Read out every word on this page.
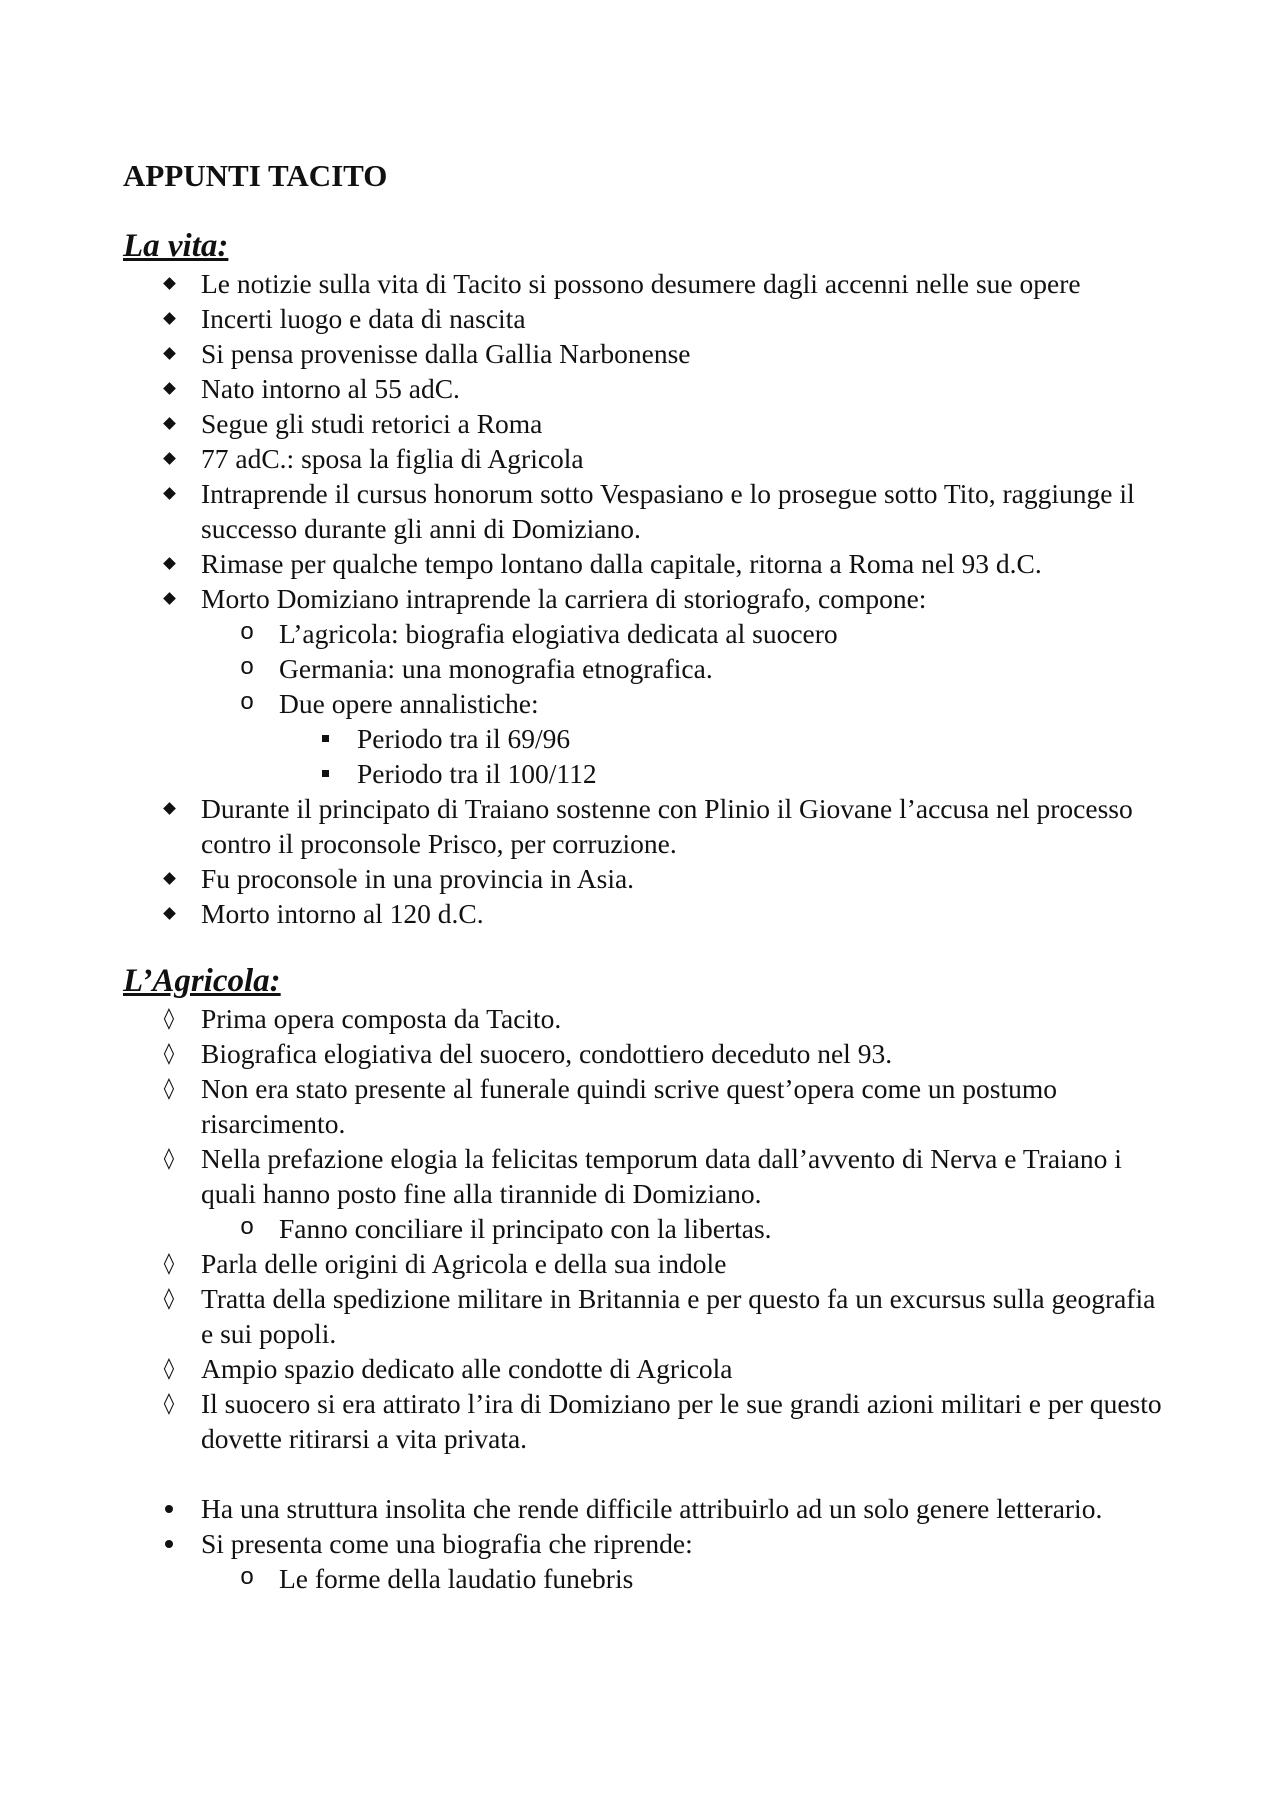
APPUNTI TACITO
La vita:
Le notizie sulla vita di Tacito si possono desumere dagli accenni nelle sue opere
Incerti luogo e data di nascita
Si pensa provenisse dalla Gallia Narbonense
Nato intorno al 55 adC.
Segue gli studi retorici a Roma
77 adC.: sposa la figlia di Agricola
Intraprende il cursus honorum sotto Vespasiano e lo prosegue sotto Tito, raggiunge il successo durante gli anni di Domiziano.
Rimase per qualche tempo lontano dalla capitale, ritorna a Roma nel 93 d.C.
Morto Domiziano intraprende la carriera di storiografo, compone:
o L’agricola: biografia elogiativa dedicata al suocero
o Germania: una monografia etnografica.
o Due opere annalistiche:
Periodo tra il 69/96
Periodo tra il 100/112
Durante il principato di Traiano sostenne con Plinio il Giovane l’accusa nel processo contro il proconsole Prisco, per corruzione.
Fu proconsole in una provincia in Asia.
Morto intorno al 120 d.C.
L’Agricola:
◊ Prima opera composta da Tacito.
◊ Biografica elogiativa del suocero, condottiero deceduto nel 93.
◊ Non era stato presente al funerale quindi scrive quest’opera come un postumo risarcimento.
◊ Nella prefazione elogia la felicitas temporum data dall’avvento di Nerva e Traiano i quali hanno posto fine alla tirannide di Domiziano.
o Fanno conciliare il principato con la libertas.
◊ Parla delle origini di Agricola e della sua indole
◊ Tratta della spedizione militare in Britannia e per questo fa un excursus sulla geografia e sui popoli.
◊ Ampio spazio dedicato alle condotte di Agricola
◊ Il suocero si era attirato l’ira di Domiziano per le sue grandi azioni militari e per questo dovette ritirarsi a vita privata.
Ha una struttura insolita che rende difficile attribuirlo ad un solo genere letterario.
Si presenta come una biografia che riprende:
o Le forme della laudatio funebris
